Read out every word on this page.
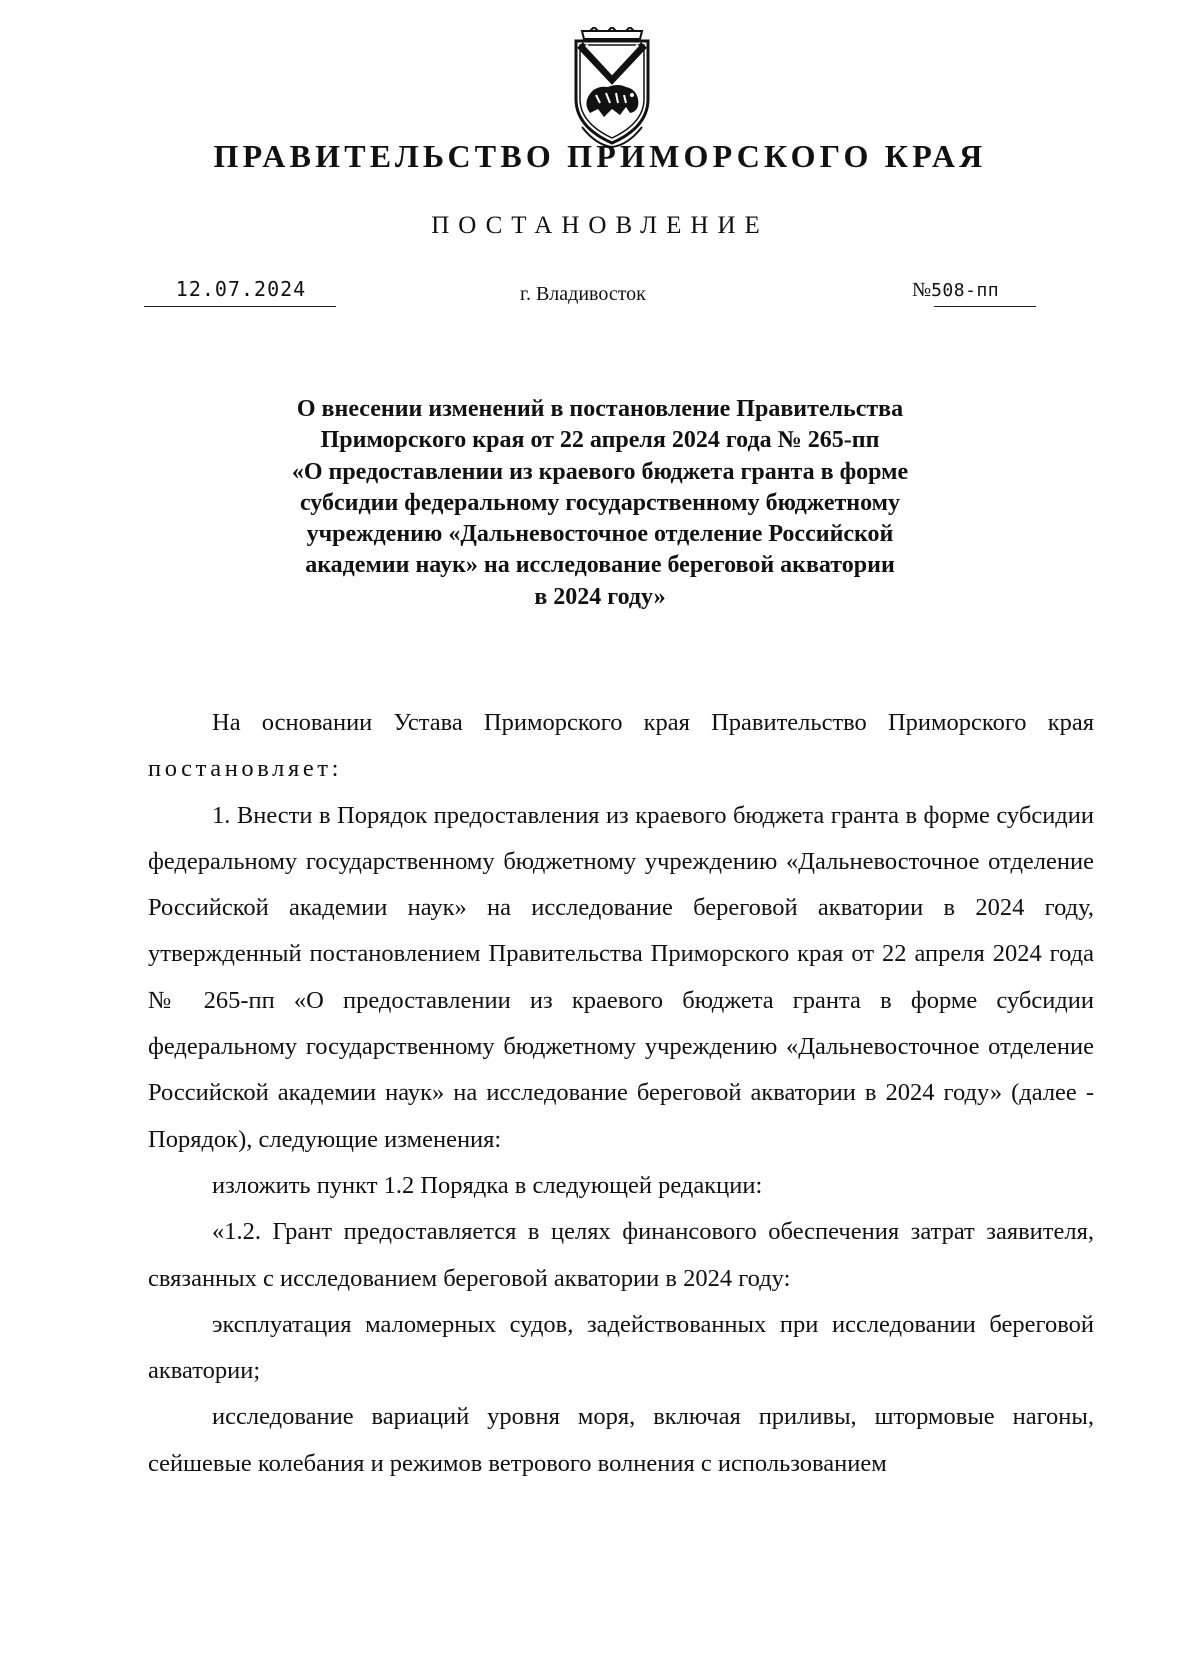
ПРАВИТЕЛЬСТВО ПРИМОРСКОГО КРАЯ
ПОСТАНОВЛЕНИЕ
12.07.2024	г. Владивосток	№508-пп
О внесении изменений в постановление Правительства
Приморского края от 22 апреля 2024 года № 265-пп
«О предоставлении из краевого бюджета гранта в форме
субсидии федеральному государственному бюджетному
учреждению «Дальневосточное отделение Российской
академии наук» на исследование береговой акватории
в 2024 году»

На основании Устава Приморского края Правительство Приморского края постановляет:

1. Внести в Порядок предоставления из краевого бюджета гранта в форме субсидии федеральному государственному бюджетному учреждению «Дальневосточное отделение Российской академии наук» на исследование береговой акватории в 2024 году, утвержденный постановлением Правительства Приморского края от 22 апреля 2024 года № 265-пп «О предоставлении из краевого бюджета гранта в форме субсидии федеральному государственному бюджетному учреждению «Дальневосточное отделение Российской академии наук» на исследование береговой акватории в 2024 году» (далее - Порядок), следующие изменения:

изложить пункт 1.2 Порядка в следующей редакции:

«1.2. Грант предоставляется в целях финансового обеспечения затрат заявителя, связанных с исследованием береговой акватории в 2024 году:

эксплуатация маломерных судов, задействованных при исследовании береговой акватории;

исследование вариаций уровня моря, включая приливы, штормовые нагоны, сейшевые колебания и режимов ветрового волнения с использованием
